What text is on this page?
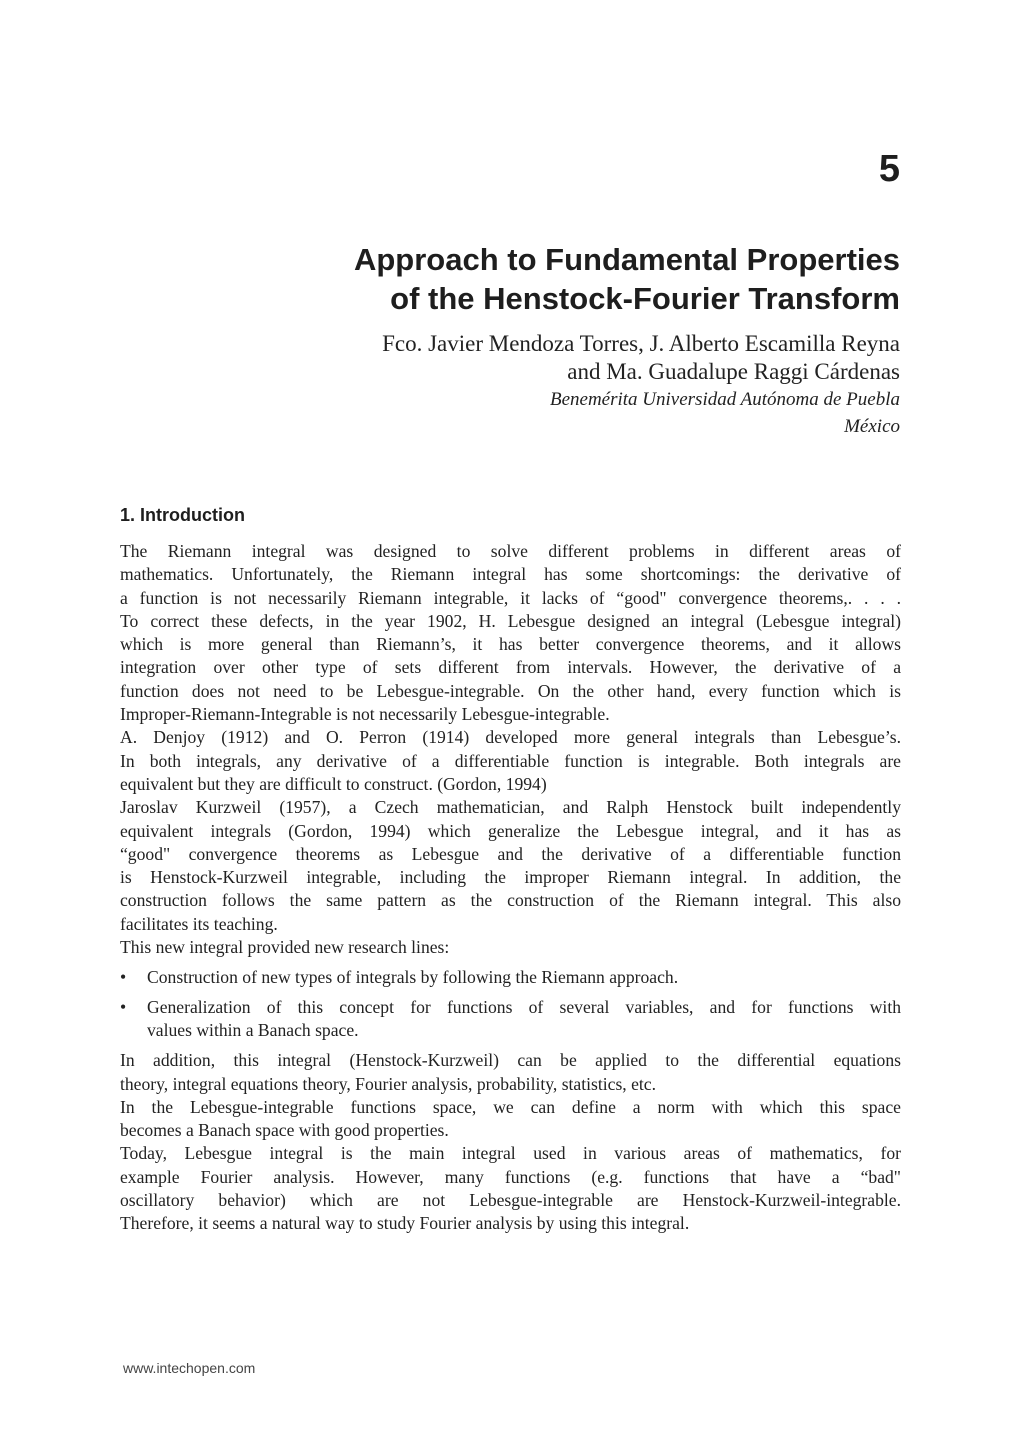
5
Approach to Fundamental Properties
of the Henstock-Fourier Transform
Fco. Javier Mendoza Torres, J. Alberto Escamilla Reyna
and Ma. Guadalupe Raggi Cárdenas
Benemérita Universidad Autónoma de Puebla
México
1. Introduction
The Riemann integral was designed to solve different problems in different areas of
mathematics. Unfortunately, the Riemann integral has some shortcomings: the derivative of
a function is not necessarily Riemann integrable, it lacks of “good" convergence theorems,. . . .
To correct these defects, in the year 1902, H. Lebesgue designed an integral (Lebesgue integral)
which is more general than Riemann’s, it has better convergence theorems, and it allows
integration over other type of sets different from intervals. However, the derivative of a
function does not need to be Lebesgue-integrable. On the other hand, every function which is
Improper-Riemann-Integrable is not necessarily Lebesgue-integrable.
A. Denjoy (1912) and O. Perron (1914) developed more general integrals than Lebesgue’s.
In both integrals, any derivative of a differentiable function is integrable. Both integrals are
equivalent but they are difficult to construct. (Gordon, 1994)
Jaroslav Kurzweil (1957), a Czech mathematician, and Ralph Henstock built independently
equivalent integrals (Gordon, 1994) which generalize the Lebesgue integral, and it has as
“good" convergence theorems as Lebesgue and the derivative of a differentiable function
is Henstock-Kurzweil integrable, including the improper Riemann integral. In addition, the
construction follows the same pattern as the construction of the Riemann integral. This also
facilitates its teaching.
This new integral provided new research lines:
•	Construction of new types of integrals by following the Riemann approach.
•	Generalization of this concept for functions of several variables, and for functions with
values within a Banach space.
In addition, this integral (Henstock-Kurzweil) can be applied to the differential equations
theory, integral equations theory, Fourier analysis, probability, statistics, etc.
In the Lebesgue-integrable functions space, we can define a norm with which this space
becomes a Banach space with good properties.
Today, Lebesgue integral is the main integral used in various areas of mathematics, for
example Fourier analysis. However, many functions (e.g. functions that have a “bad"
oscillatory behavior) which are not Lebesgue-integrable are Henstock-Kurzweil-integrable.
Therefore, it seems a natural way to study Fourier analysis by using this integral.
www.intechopen.com
